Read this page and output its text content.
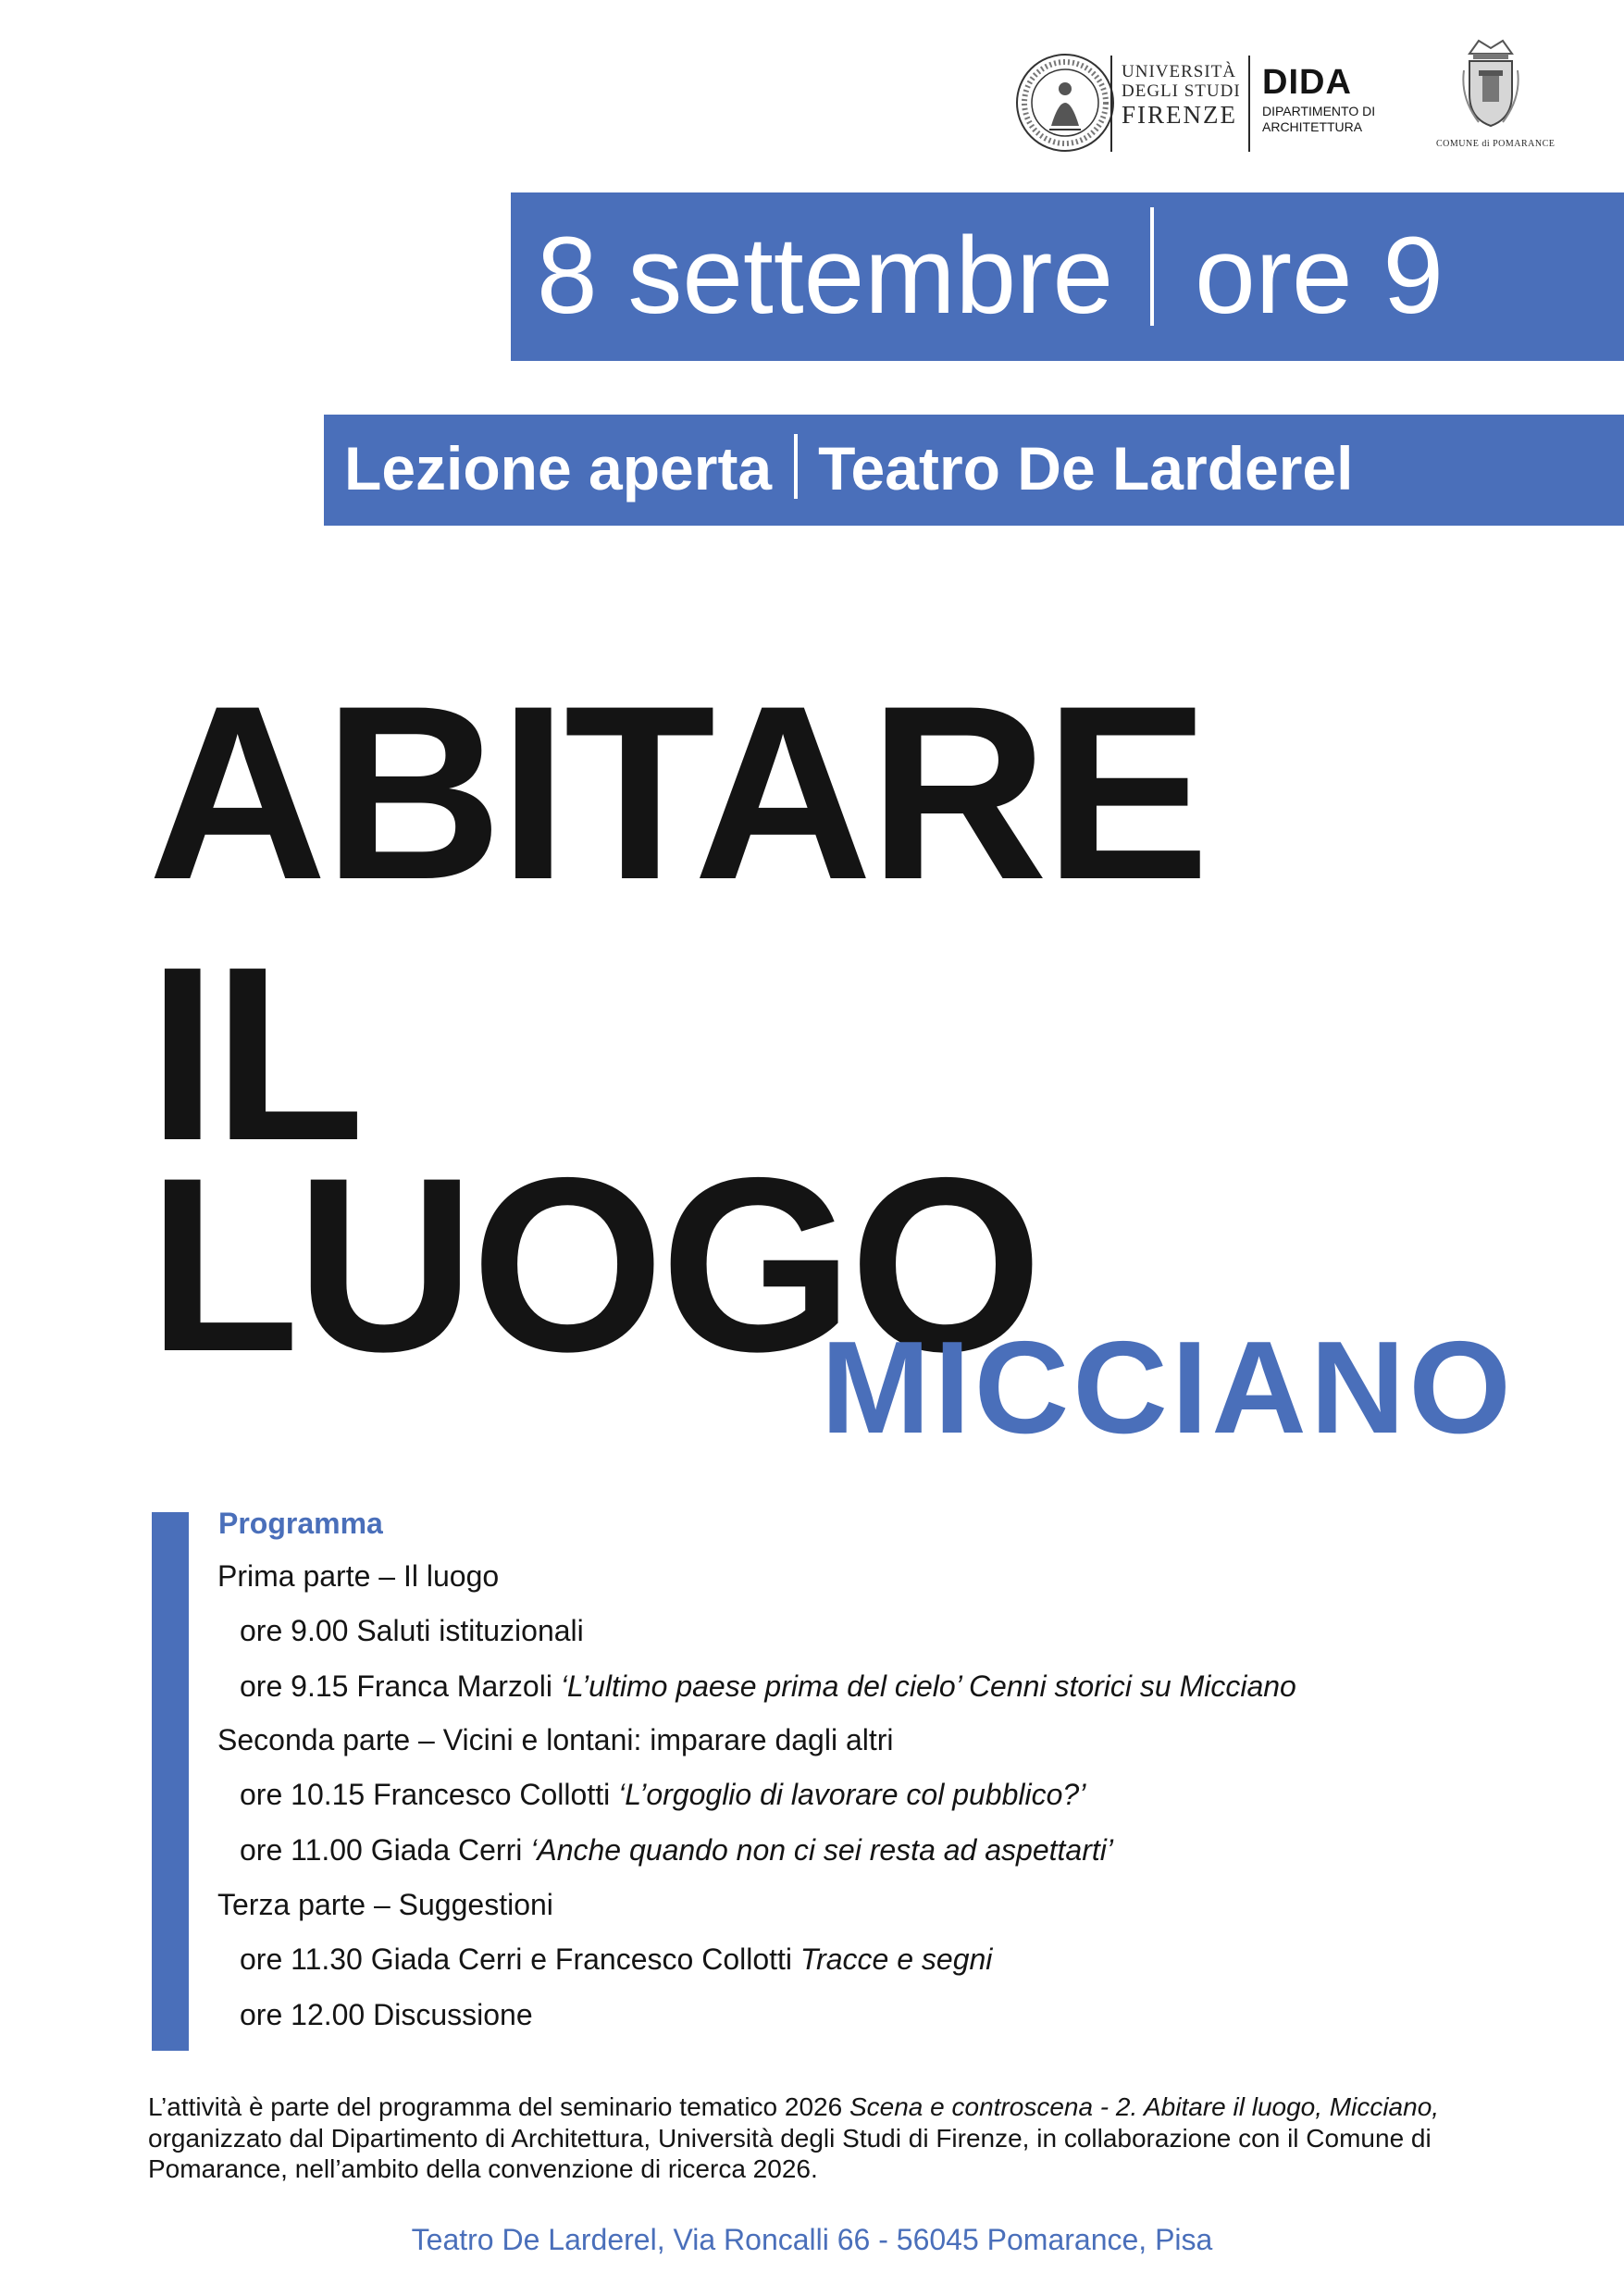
UNIVERSITÀ
DEGLI STUDI
FIRENZE
DIDA
DIPARTIMENTO DI
ARCHITETTURA
COMUNE di POMARANCE
8 settembre ore 9
Lezione aperta Teatro De Larderel
ABITARE
IL
LUOGO
MICCIANO
Programma
Prima parte – Il luogo
ore 9.00 Saluti istituzionali
ore 9.15 Franca Marzoli ‘L’ultimo paese prima del cielo’ Cenni storici su Micciano
Seconda parte – Vicini e lontani: imparare dagli altri
ore 10.15 Francesco Collotti ‘L’orgoglio di lavorare col pubblico?’
ore 11.00 Giada Cerri ‘Anche quando non ci sei resta ad aspettarti’
Terza parte – Suggestioni
ore 11.30 Giada Cerri e Francesco Collotti Tracce e segni
ore 12.00 Discussione
L’attività è parte del programma del seminario tematico 2026 Scena e controscena - 2. Abitare il luogo, Micciano, organizzato dal Dipartimento di Architettura, Università degli Studi di Firenze, in collaborazione con il Comune di Pomarance, nell’ambito della convenzione di ricerca 2026.
Teatro De Larderel, Via Roncalli 66 - 56045 Pomarance, Pisa
